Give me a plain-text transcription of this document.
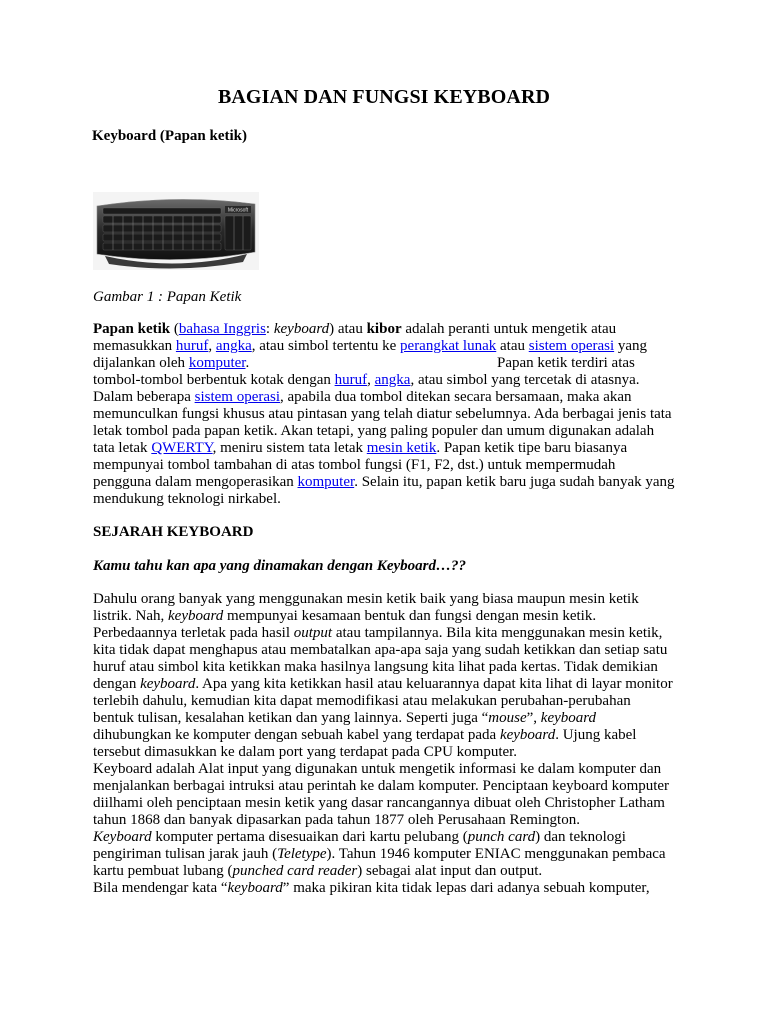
BAGIAN DAN FUNGSI KEYBOARD

Keyboard (Papan ketik)

Microsoft

Gambar 1 : Papan Ketik

Papan ketik (bahasa Inggris: keyboard) atau kibor adalah peranti untuk mengetik atau memasukkan huruf, angka, atau simbol tertentu ke perangkat lunak atau sistem operasi yang dijalankan oleh komputer.	Papan ketik terdiri atas tombol-tombol berbentuk kotak dengan huruf, angka, atau simbol yang tercetak di atasnya. Dalam beberapa sistem operasi, apabila dua tombol ditekan secara bersamaan, maka akan memunculkan fungsi khusus atau pintasan yang telah diatur sebelumnya. Ada berbagai jenis tata letak tombol pada papan ketik. Akan tetapi, yang paling populer dan umum digunakan adalah tata letak QWERTY, meniru sistem tata letak mesin ketik. Papan ketik tipe baru biasanya mempunyai tombol tambahan di atas tombol fungsi (F1, F2, dst.) untuk mempermudah pengguna dalam mengoperasikan komputer. Selain itu, papan ketik baru juga sudah banyak yang mendukung teknologi nirkabel.

SEJARAH KEYBOARD

Kamu tahu kan apa yang dinamakan dengan Keyboard…??

Dahulu orang banyak yang menggunakan mesin ketik baik yang biasa maupun mesin ketik listrik. Nah, keyboard mempunyai kesamaan bentuk dan fungsi dengan mesin ketik. Perbedaannya terletak pada hasil output atau tampilannya. Bila kita menggunakan mesin ketik, kita tidak dapat menghapus atau membatalkan apa-apa saja yang sudah ketikkan dan setiap satu huruf atau simbol kita ketikkan maka hasilnya langsung kita lihat pada kertas. Tidak demikian dengan keyboard. Apa yang kita ketikkan hasil atau keluarannya dapat kita lihat di layar monitor terlebih dahulu, kemudian kita dapat memodifikasi atau melakukan perubahan-perubahan bentuk tulisan, kesalahan ketikan dan yang lainnya. Seperti juga “mouse”, keyboard dihubungkan ke komputer dengan sebuah kabel yang terdapat pada keyboard. Ujung kabel tersebut dimasukkan ke dalam port yang terdapat pada CPU komputer.
Keyboard adalah Alat input yang digunakan untuk mengetik informasi ke dalam komputer dan menjalankan berbagai intruksi atau perintah ke dalam komputer. Penciptaan keyboard komputer diilhami oleh penciptaan mesin ketik yang dasar rancangannya dibuat oleh Christopher Latham tahun 1868 dan banyak dipasarkan pada tahun 1877 oleh Perusahaan Remington.
Keyboard komputer pertama disesuaikan dari kartu pelubang (punch card) dan teknologi pengiriman tulisan jarak jauh (Teletype). Tahun 1946 komputer ENIAC menggunakan pembaca kartu pembuat lubang (punched card reader) sebagai alat input dan output.
Bila mendengar kata “keyboard” maka pikiran kita tidak lepas dari adanya sebuah komputer,
